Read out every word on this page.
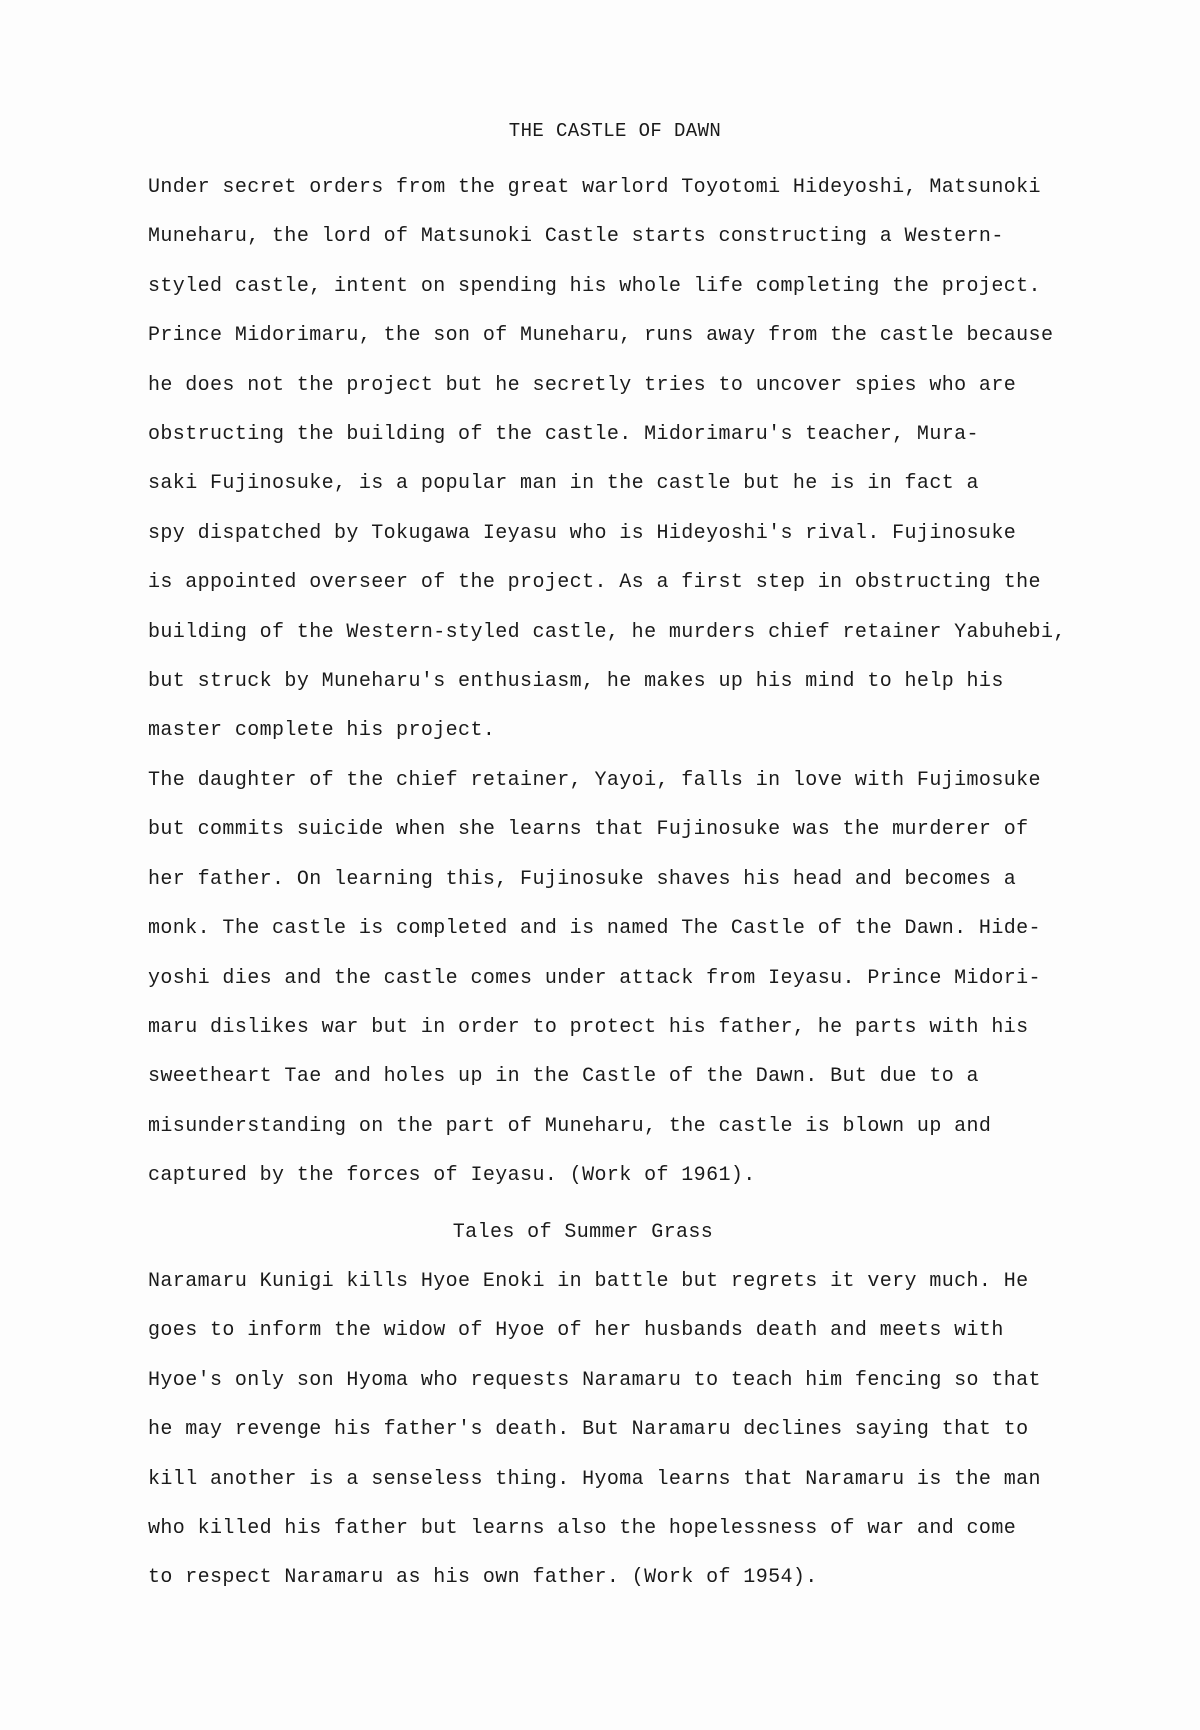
THE CASTLE OF DAWN
Under secret orders from the great warlord Toyotomi Hideyoshi, Matsunoki
Muneharu, the lord of Matsunoki Castle starts constructing a Western-
styled castle, intent on spending his whole life completing the project.
Prince Midorimaru, the son of Muneharu, runs away from the castle because
he does not the project but he secretly tries to uncover spies who are
obstructing the building of the castle. Midorimaru's teacher, Mura-
saki Fujinosuke, is a popular man in the castle but he is in fact a
spy dispatched by Tokugawa Ieyasu who is Hideyoshi's rival. Fujinosuke
is appointed overseer of the project. As a first step in obstructing the
building of the Western-styled castle, he murders chief retainer Yabuhebi,
but struck by Muneharu's enthusiasm, he makes up his mind to help his
master complete his project.
The daughter of the chief retainer, Yayoi, falls in love with Fujimosuke
but commits suicide when she learns that Fujinosuke was the murderer of
her father. On learning this, Fujinosuke shaves his head and becomes a
monk. The castle is completed and is named The Castle of the Dawn. Hide-
yoshi dies and the castle comes under attack from Ieyasu. Prince Midori-
maru dislikes war but in order to protect his father, he parts with his
sweetheart Tae and holes up in the Castle of the Dawn. But due to a
misunderstanding on the part of Muneharu, the castle is blown up and
captured by the forces of Ieyasu. (Work of 1961).
Tales of Summer Grass
Naramaru Kunigi kills Hyoe Enoki in battle but regrets it very much. He
goes to inform the widow of Hyoe of her husbands death and meets with
Hyoe's only son Hyoma who requests Naramaru to teach him fencing so that
he may revenge his father's death. But Naramaru declines saying that to
kill another is a senseless thing. Hyoma learns that Naramaru is the man
who killed his father but learns also the hopelessness of war and come
to respect Naramaru as his own father. (Work of 1954).
